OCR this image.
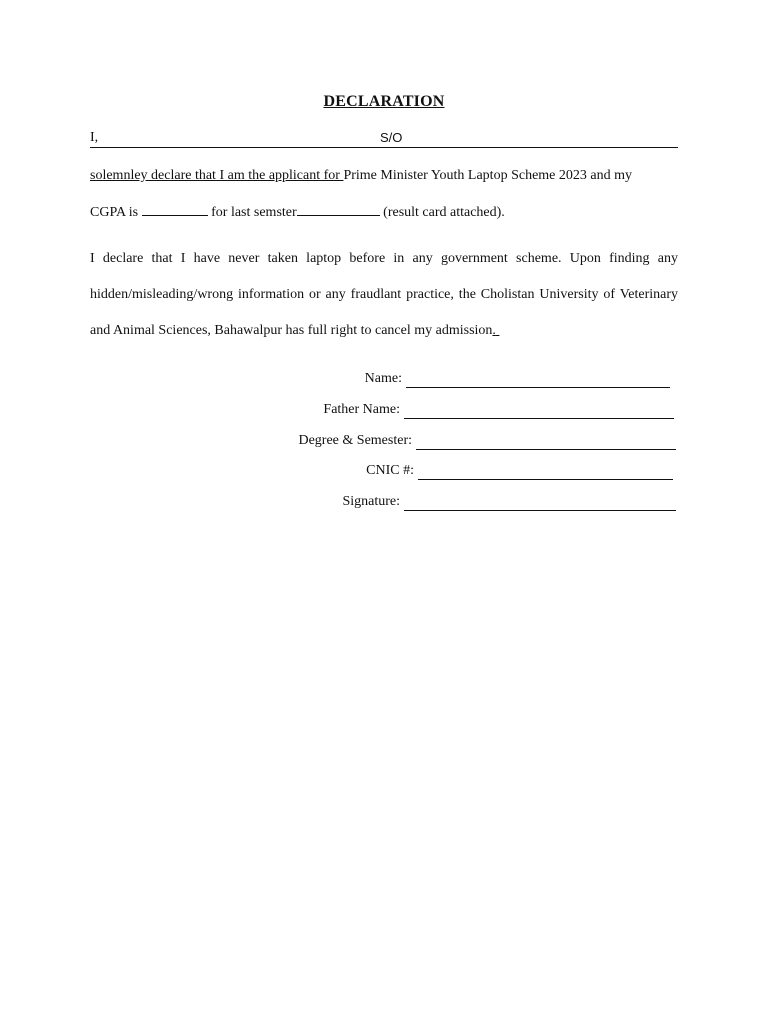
DECLARATION
I,	S/O
solemnley declare that I am the applicant for Prime Minister Youth Laptop Scheme 2023 and my
CGPA is	for last semster	(result card attached).
I declare that I have never taken laptop before in any government scheme. Upon finding any hidden/misleading/wrong information or any fraudlant practice, the Cholistan University of Veterinary and Animal Sciences, Bahawalpur has full right to cancel my admission.
Name:
Father Name:
Degree & Semester:
CNIC #:
Signature:
